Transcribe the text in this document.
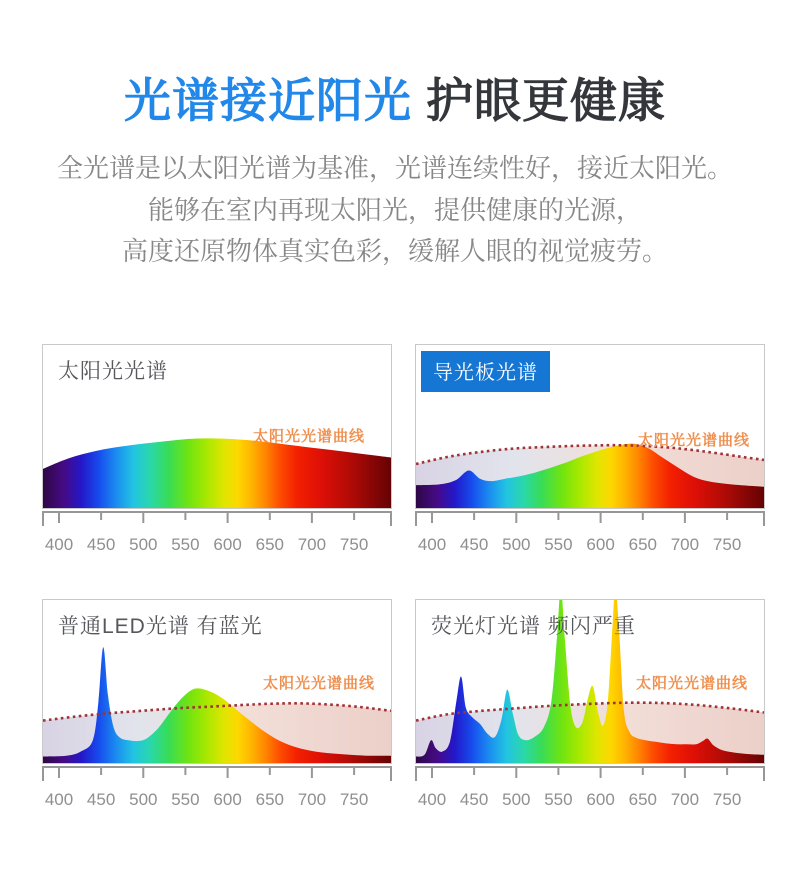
光谱接近阳光 护眼更健康

全光谱是以太阳光谱为基准，光谱连续性好，接近太阳光。

能够在室内再现太阳光，提供健康的光源，

高度还原物体真实色彩，缓解人眼的视觉疲劳。

太阳光光谱
太阳光光谱曲线
400 450 500 550 600 650 700 750
导光板光谱
太阳光光谱曲线
400 450 500 550 600 650 700 750
普通LED光谱 有蓝光
太阳光光谱曲线
400 450 500 550 600 650 700 750
荧光灯光谱 频闪严重
太阳光光谱曲线
400 450 500 550 600 650 700 750
